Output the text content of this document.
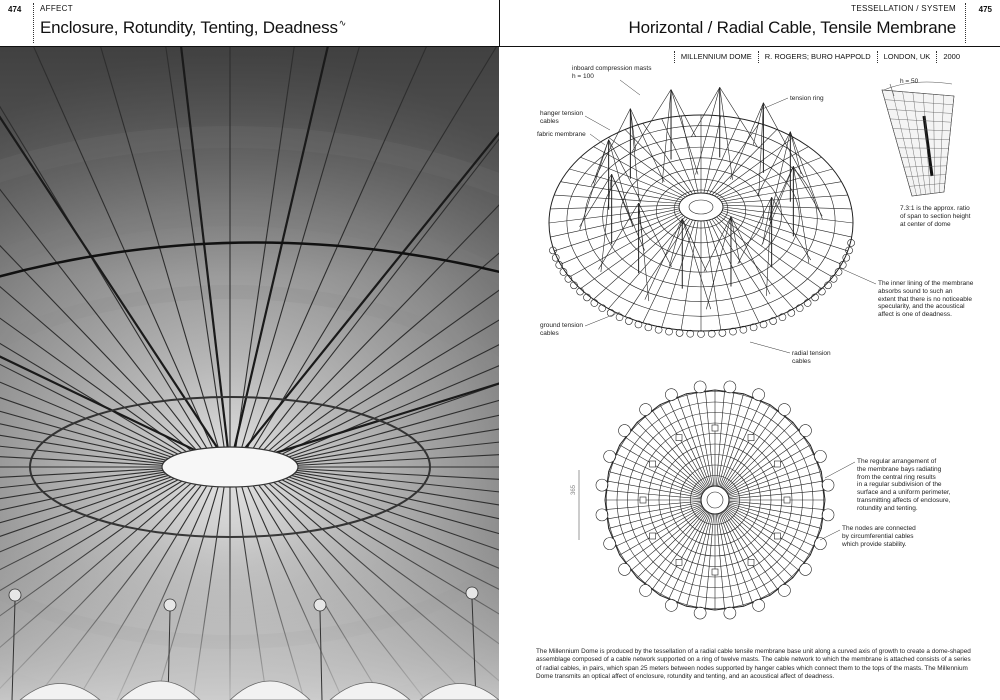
474 AFFECT
Enclosure, Rotundity, Tenting, Deadness∿
TESSELLATION / SYSTEM
Horizontal / Radial Cable, Tensile Membrane
475
MILLENNIUM DOME	R. ROGERS; BURO HAPPOLD	LONDON, UK	2000
inboard compression masts
h = 100
tension ring
hanger tension
cables
fabric membrane
ground tension
cables
radial tension
cables
h = 50
7.3:1 is the approx. ratio
of span to section height
at center of dome
The inner lining of the membrane
absorbs sound to such an
extent that there is no noticeable
specularity, and the acoustical
affect is one of deadness.
The regular arrangement of
the membrane bays radiating
from the central ring results
in a regular subdivision of the
surface and a uniform perimeter,
transmitting affects of enclosure,
rotundity and tenting.
The nodes are connected
by circumferential cables
which provide stability.
365
The Millennium Dome is produced by the tessellation of a radial cable tensile membrane base unit along a curved axis of growth to create a dome-shaped assemblage composed of a cable network supported on a ring of twelve masts. The cable network to which the membrane is attached consists of a series of radial cables, in pairs, which span 25 meters between nodes supported by hanger cables which connect them to the tops of the masts. The Millennium Dome transmits an optical affect of enclosure, rotundity and tenting, and an acoustical affect of deadness.
